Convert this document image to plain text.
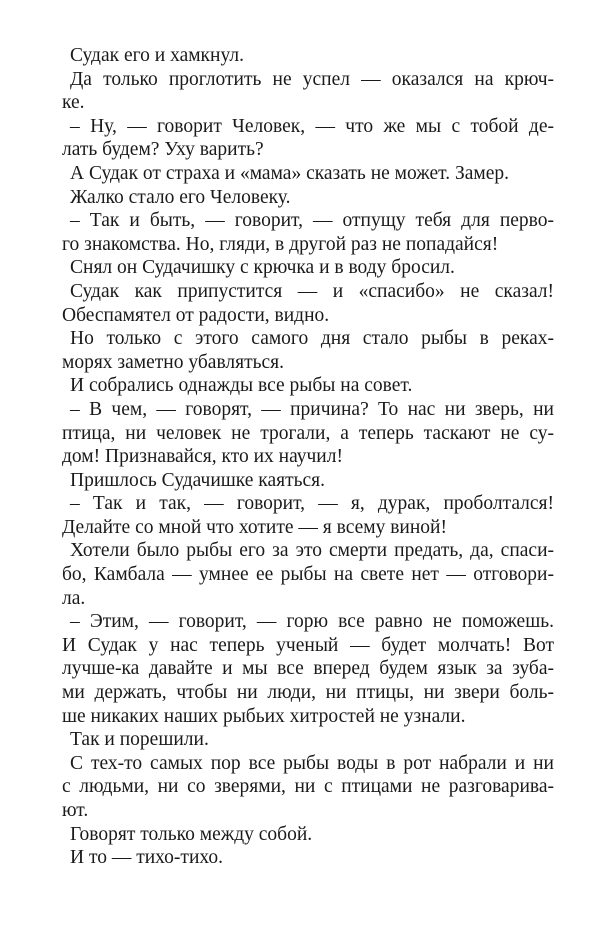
Судак его и хамкнул.
Да только проглотить не успел — оказался на крюч-
ке.
– Ну, — говорит Человек, — что же мы с тобой де-
лать будем? Уху варить?
А Судак от страха и «мама» сказать не может. Замер.
Жалко стало его Человеку.
– Так и быть, — говорит, — отпущу тебя для перво-
го знакомства. Но, гляди, в другой раз не попадайся!
Снял он Судачишку с крючка и в воду бросил.
Судак как припустится — и «спасибо» не сказал!
Обеспамятел от радости, видно.
Но только с этого самого дня стало рыбы в реках-
морях заметно убавляться.
И собрались однажды все рыбы на совет.
– В чем, — говорят, — причина? То нас ни зверь, ни
птица, ни человек не трогали, а теперь таскают не су-
дом! Признавайся, кто их научил!
Пришлось Судачишке каяться.
– Так и так, — говорит, — я, дурак, проболтался!
Делайте со мной что хотите — я всему виной!
Хотели было рыбы его за это смерти предать, да, спаси-
бо, Камбала — умнее ее рыбы на свете нет — отговори-
ла.
– Этим, — говорит, — горю все равно не поможешь.
И Судак у нас теперь ученый — будет молчать! Вот
лучше-ка давайте и мы все вперед будем язык за зуба-
ми держать, чтобы ни люди, ни птицы, ни звери боль-
ше никаких наших рыбьих хитростей не узнали.
Так и порешили.
С тех-то самых пор все рыбы воды в рот набрали и ни
с людьми, ни со зверями, ни с птицами не разговарива-
ют.
Говорят только между собой.
И то — тихо-тихо.
